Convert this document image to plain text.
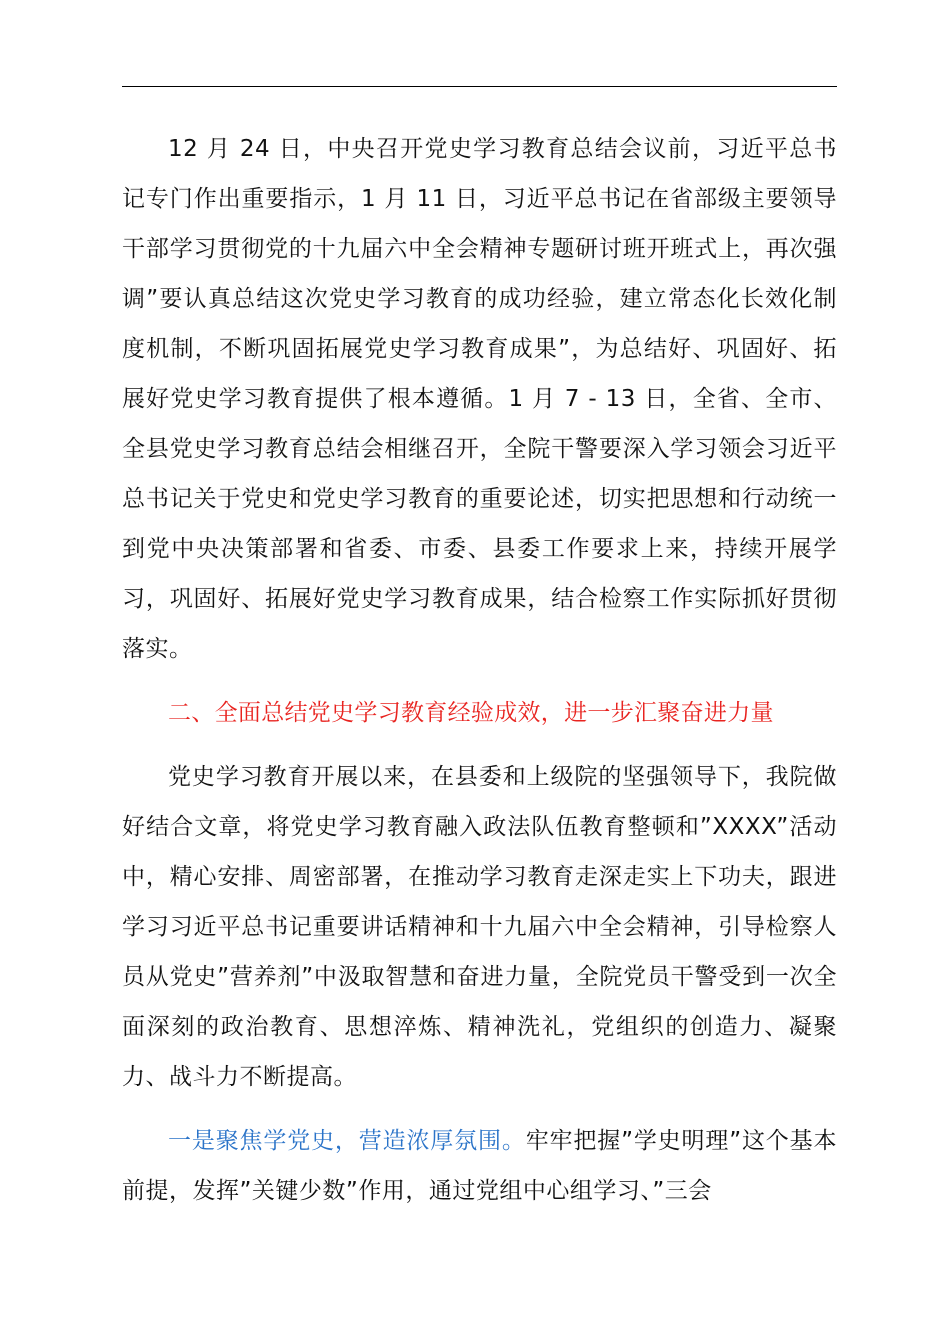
12 月 24 日，中央召开党史学习教育总结会议前，习近平总书记专门作出重要指示，1 月 11 日，习近平总书记在省部级主要领导干部学习贯彻党的十九届六中全会精神专题研讨班开班式上，再次强调”要认真总结这次党史学习教育的成功经验，建立常态化长效化制度机制，不断巩固拓展党史学习教育成果”，为总结好、巩固好、拓展好党史学习教育提供了根本遵循。1 月 7 - 13 日，全省、全市、全县党史学习教育总结会相继召开，全院干警要深入学习领会习近平总书记关于党史和党史学习教育的重要论述，切实把思想和行动统一到党中央决策部署和省委、市委、县委工作要求上来，持续开展学习，巩固好、拓展好党史学习教育成果，结合检察工作实际抓好贯彻落实。

二、全面总结党史学习教育经验成效，进一步汇聚奋进力量

党史学习教育开展以来，在县委和上级院的坚强领导下，我院做好结合文章，将党史学习教育融入政法队伍教育整顿和”XXXX”活动中，精心安排、周密部署，在推动学习教育走深走实上下功夫，跟进学习习近平总书记重要讲话精神和十九届六中全会精神，引导检察人员从党史”营养剂”中汲取智慧和奋进力量，全院党员干警受到一次全面深刻的政治教育、思想淬炼、精神洗礼，党组织的创造力、凝聚力、战斗力不断提高。

一是聚焦学党史，营造浓厚氛围。牢牢把握”学史明理”这个基本前提，发挥”关键少数”作用，通过党组中心组学习、”三会
